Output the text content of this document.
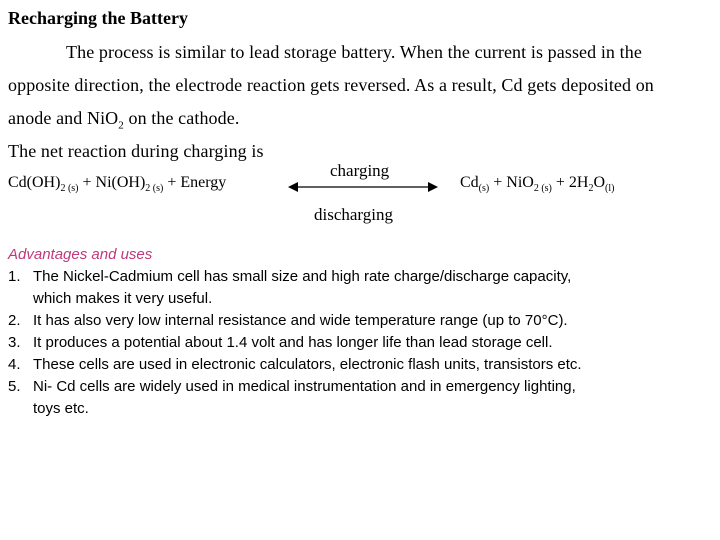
Recharging the Battery
The process is similar to lead storage battery. When the current is passed in the
opposite direction, the electrode reaction gets reversed. As a result, Cd gets deposited on
anode and NiO$_2$ on the cathode.
The net reaction during charging is
$Cd(OH)_{2 (s)} + Ni(OH)_{2 (s)}$ + Energy
charging
discharging
$Cd_{(s)} + NiO_{2 (s)} + 2H_2O_{(l)}$
Advantages and uses
1. The Nickel-Cadmium cell has small size and high rate charge/discharge capacity,
which makes it very useful.
2. It has also very low internal resistance and wide temperature range (up to 70°C).
3. It produces a potential about 1.4 volt and has longer life than lead storage cell.
4. These cells are used in electronic calculators, electronic flash units, transistors etc.
5. Ni- Cd cells are widely used in medical instrumentation and in emergency lighting,
toys etc.
